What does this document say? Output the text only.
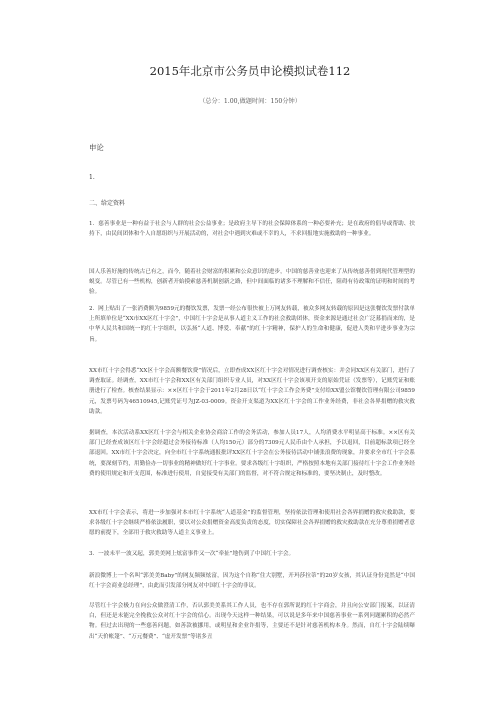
2015年北京市公务员申论模拟试卷112
（总分：1.00,做题时间：150分钟）
申论
1.
二、给定资料
1．慈善事业是一种有益于社会与人群的社会公益事业；是政府主导下的社会保障体系的一种必要补充；是在政府的倡导或帮助、扶持下，由民间团体和个人自愿组织与开展活动的，对社会中遇到灾难或不幸的人，不求回报地实施救助的一种事业。
国人乐善好施的传统古已有之，而今，随着社会财富的积累和公众意识的进步，中国的慈善业也迎来了从传统慈善借到现代管理型的蜕变。尽管已有一些机构，创新者开始摸索慈善机制创新之路，但中间面临的诸多不理解和不信任，阻碍有待政策的证明和时间的考验。
2．网上贴出了一张消费额为9859元的餐饮发票，发票一经公布很快被上万网友转载，被众多网友转载的原因是这张餐饮发票付款单上所填单位是“XX市XX区红十字会”，中国红十字会是从事人道主义工作的社会救助团体，资金来源是通过社会广泛募捐而来的，是中华人民共和国统一的红十字组织，以弘扬“人道、博爱、奉献”的红十字精神，保护人的生命和健康，促进人类和平进步事业为宗旨。
XX市红十字会得悉“XX区十字会高额餐饮费”情况后，立即查成XX区红十字会对情况进行调查核实：并会同XX区有关部门，进行了调查取证。经调查，XX市红十字会和XX区有关部门组织专业人员，对XX区红十字会该项开支的原始凭证（发票等），记账凭证和账册进行了检查。核查结果显示：××区红十字会于2011年2月28日以“红十字会工作会务费”支付给XX盟公馆餐饮管理有限公司9859元，发票号码为46510945,记账凭证号为JZ-03-0009。资金开支渠道为XX区红十字会的工作业务经费，非社会各界捐赠的救灾救助款。
据调查，本次活动系XX区红十字会与相关企业协会商洽工作的会务活动，参加人员17人，人均消费水平明显高于标准。××区有关部门已经查成该区红十字会经超过会务接待标准（人均150元）部分的7309元人民币由个人承担，予以退回，目前超标款项已经全部退回。XX市红十字会决定，向全市红十字系统通报批评XX区红十字会在公务接待活动中铺张浪费的现象，并要求全市红十字会系统，要深刻节约，用勤俭办一切事业的精神做好红十字事业。要求各级红十字组织，严格按照本地有关部门接待红十字会工作业务经费的使用规定和开支范围，标准进行使用，自觉接受有关部门的监督，对不符合规定和标准的，要坚决制止，及时整改。
XX市红十字会表示，将进一步加强对本市红十字系统“人道基金”的监督管理，坚持依法管理和使用社会各界捐赠的救灾救助款，要求各级红十字会继续严格依法履职，要以对公众捐赠资金高度负责的态度，切实保障社会各界捐赠的救灾救助款在充分尊重捐赠者意愿的前提下，全部用于救灾救助等人道主义事业上。
3．一波未平一波又起，郭美美网上炫富事件又一次“牵扯”地伤到了中国红十字会。
新浪微博上一个名叫“郭美美Baby”的网友频频炫富，因为这个自称“住大别墅，开玛莎拉蒂”的20岁女孩，其认证身份竟然是“中国红十字会商业总经理”，由此而引发部分网友对中国红十字会的非议。
尽管红十字会极力在向公众做澄清工作，否认郭美美系其工作人员，也不存在郭所说的红十字商会，并且向公安部门报案，以证清白，但还是未能完全挽救公众对红十字会的信心。出现今天这样一种结果，可以说是多年来中国慈善事业一系列问题累积的必然产物。但过去出现的一些慈善问题，如善款被挪用，或明星和企业诈捐等，主要还不是针对慈善机构本身。然而，自红十字会陆续曝出“天价帐篷”、“万元餐费”、“虚开发票”等诸多丑
